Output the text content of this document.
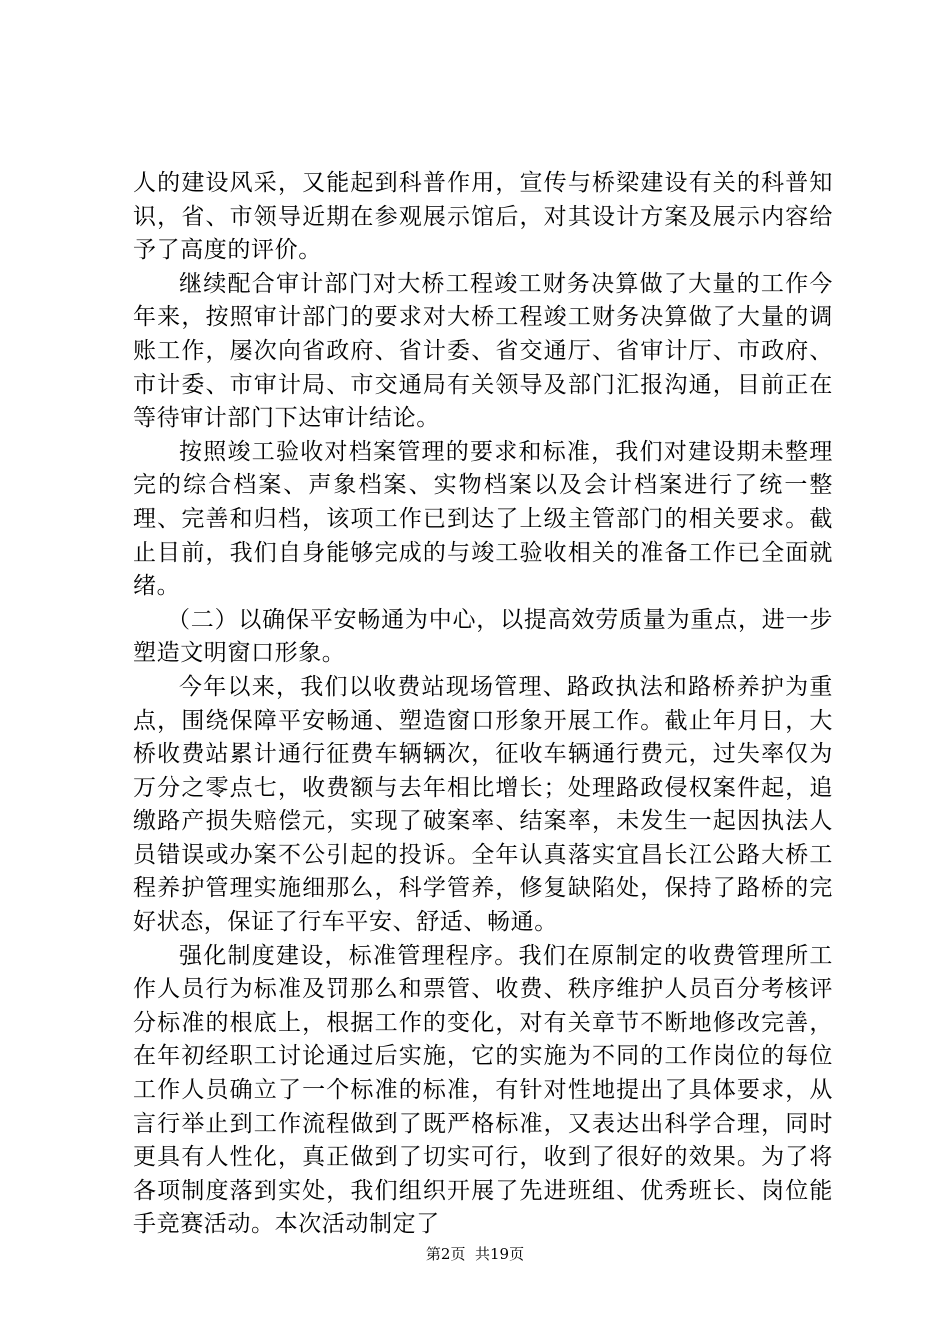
人的建设风采，又能起到科普作用，宣传与桥梁建设有关的科普知识，省、市领导近期在参观展示馆后，对其设计方案及展示内容给予了高度的评价。

继续配合审计部门对大桥工程竣工财务决算做了大量的工作今年来，按照审计部门的要求对大桥工程竣工财务决算做了大量的调账工作，屡次向省政府、省计委、省交通厅、省审计厅、市政府、市计委、市审计局、市交通局有关领导及部门汇报沟通，目前正在等待审计部门下达审计结论。

按照竣工验收对档案管理的要求和标准，我们对建设期未整理完的综合档案、声象档案、实物档案以及会计档案进行了统一整理、完善和归档，该项工作已到达了上级主管部门的相关要求。截止目前，我们自身能够完成的与竣工验收相关的准备工作已全面就绪。

（二）以确保平安畅通为中心，以提高效劳质量为重点，进一步塑造文明窗口形象。

今年以来，我们以收费站现场管理、路政执法和路桥养护为重点，围绕保障平安畅通、塑造窗口形象开展工作。截止年月日，大桥收费站累计通行征费车辆辆次，征收车辆通行费元，过失率仅为万分之零点七，收费额与去年相比增长；处理路政侵权案件起，追缴路产损失赔偿元，实现了破案率、结案率，未发生一起因执法人员错误或办案不公引起的投诉。全年认真落实宜昌长江公路大桥工程养护管理实施细那么，科学管养，修复缺陷处，保持了路桥的完好状态，保证了行车平安、舒适、畅通。

强化制度建设，标准管理程序。我们在原制定的收费管理所工作人员行为标准及罚那么和票管、收费、秩序维护人员百分考核评分标准的根底上，根据工作的变化，对有关章节不断地修改完善，在年初经职工讨论通过后实施，它的实施为不同的工作岗位的每位工作人员确立了一个标准的标准，有针对性地提出了具体要求，从言行举止到工作流程做到了既严格标准，又表达出科学合理，同时更具有人性化，真正做到了切实可行，收到了很好的效果。为了将各项制度落到实处，我们组织开展了先进班组、优秀班长、岗位能手竞赛活动。本次活动制定了

第2页  共19页
